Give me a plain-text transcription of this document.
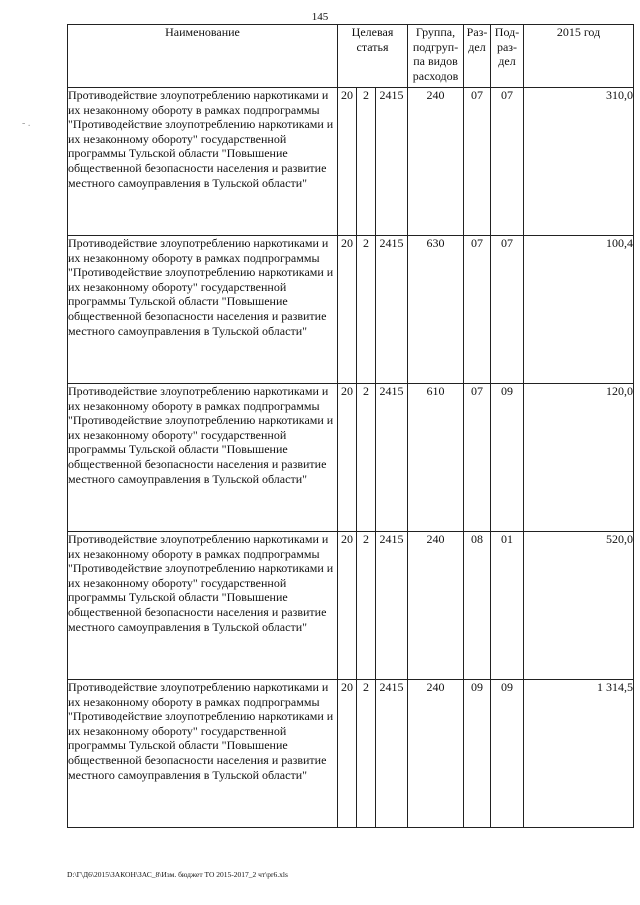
145
Наименование	Целевая статья			Группа, подгруп-па видов расходов	Раз-дел	Под-раз-дел	2015 год
Противодействие злоупотреблению наркотиками и их незаконному обороту в рамках подпрограммы "Противодействие злоупотреблению наркотиками и их незаконному обороту" государственной программы Тульской области "Повышение общественной безопасности населения и развитие местного самоуправления в Тульской области"	20	2	2415	240	07	07	310,0
Противодействие злоупотреблению наркотиками и их незаконному обороту в рамках подпрограммы "Противодействие злоупотреблению наркотиками и их незаконному обороту" государственной программы Тульской области "Повышение общественной безопасности населения и развитие местного самоуправления в Тульской области"	20	2	2415	630	07	07	100,4
Противодействие злоупотреблению наркотиками и их незаконному обороту в рамках подпрограммы "Противодействие злоупотреблению наркотиками и их незаконному обороту" государственной программы Тульской области "Повышение общественной безопасности населения и развитие местного самоуправления в Тульской области"	20	2	2415	610	07	09	120,0
Противодействие злоупотреблению наркотиками и их незаконному обороту в рамках подпрограммы "Противодействие злоупотреблению наркотиками и их незаконному обороту" государственной программы Тульской области "Повышение общественной безопасности населения и развитие местного самоуправления в Тульской области"	20	2	2415	240	08	01	520,0
Противодействие злоупотреблению наркотиками и их незаконному обороту в рамках подпрограммы "Противодействие злоупотреблению наркотиками и их незаконному обороту" государственной программы Тульской области "Повышение общественной безопасности населения и развитие местного самоуправления в Тульской области"	20	2	2415	240	09	09	1 314,5
- .
D:\Г\Д6\2015\ЗАКОН\ЗАС_8\Изм. бюджет ТО 2015-2017_2 чт\pr6.xls
